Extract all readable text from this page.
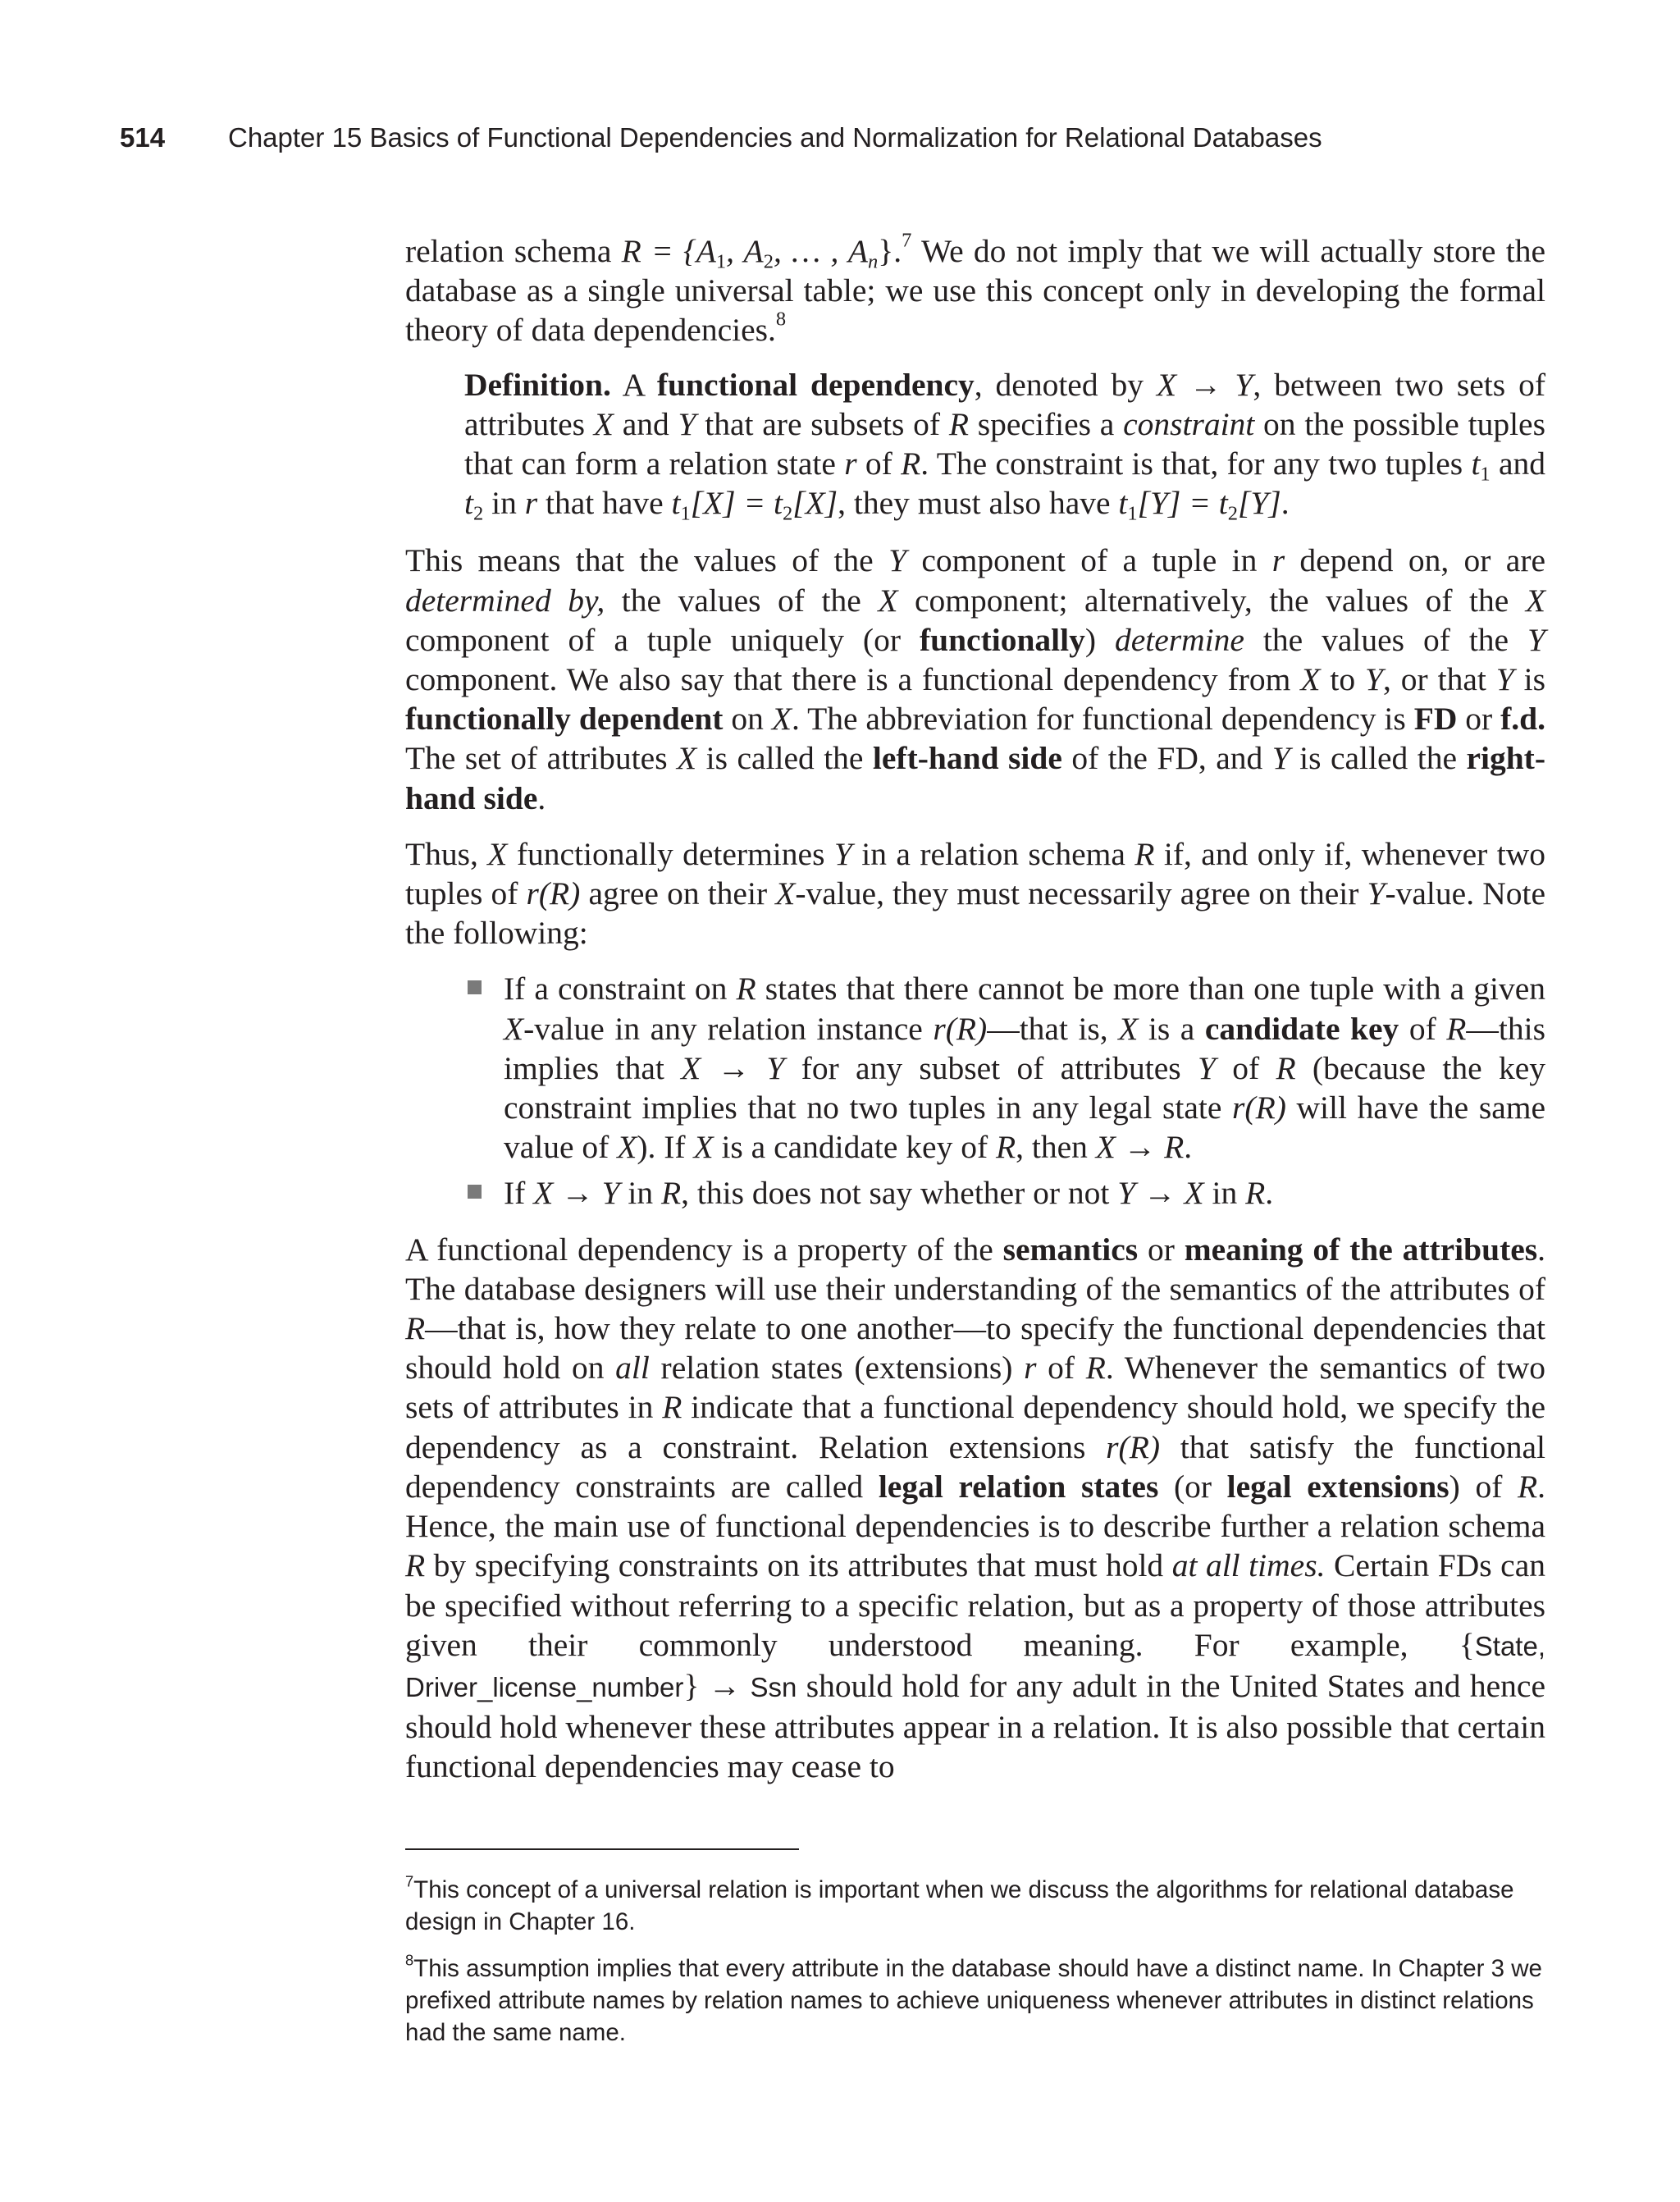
514 Chapter 15 Basics of Functional Dependencies and Normalization for Relational Databases

relation schema $R = \{A_1$, $A_2$, … , $A_n\}.^7$ We do not imply that we will actually store the database as a single universal table; we use this concept only in developing the formal theory of data dependencies.$^8$

Definition. A functional dependency, denoted by X → Y, between two sets of attributes X and Y that are subsets of R specifies a constraint on the possible tuples that can form a relation state r of R. The constraint is that, for any two tuples $t_1$ and $t_2$ in r that have $t_1[X] = t_2[X]$, they must also have $t_1[Y] = t_2[Y]$.

This means that the values of the Y component of a tuple in r depend on, or are determined by, the values of the X component; alternatively, the values of the X component of a tuple uniquely (or functionally) determine the values of the Y component. We also say that there is a functional dependency from X to Y, or that Y is functionally dependent on X. The abbreviation for functional dependency is FD or f.d. The set of attributes X is called the left-hand side of the FD, and Y is called the right-hand side.

Thus, X functionally determines Y in a relation schema R if, and only if, whenever two tuples of r(R) agree on their X-value, they must necessarily agree on their Y-value. Note the following:

If a constraint on R states that there cannot be more than one tuple with a given X-value in any relation instance r(R)—that is, X is a candidate key of R—this implies that X → Y for any subset of attributes Y of R (because the key constraint implies that no two tuples in any legal state r(R) will have the same value of X). If X is a candidate key of R, then X → R.
If X → Y in R, this does not say whether or not Y → X in R.

A functional dependency is a property of the semantics or meaning of the attributes. The database designers will use their understanding of the semantics of the attributes of R—that is, how they relate to one another—to specify the functional dependencies that should hold on all relation states (extensions) r of R. Whenever the semantics of two sets of attributes in R indicate that a functional dependency should hold, we specify the dependency as a constraint. Relation extensions r(R) that satisfy the functional dependency constraints are called legal relation states (or legal extensions) of R. Hence, the main use of functional dependencies is to describe further a relation schema R by specifying constraints on its attributes that must hold at all times. Certain FDs can be specified without referring to a specific relation, but as a property of those attributes given their commonly understood meaning. For example, {State, Driver_license_number} → Ssn should hold for any adult in the United States and hence should hold whenever these attributes appear in a relation. It is also possible that certain functional dependencies may cease to

$^7$This concept of a universal relation is important when we discuss the algorithms for relational database design in Chapter 16.

$^8$This assumption implies that every attribute in the database should have a distinct name. In Chapter 3 we prefixed attribute names by relation names to achieve uniqueness whenever attributes in distinct relations had the same name.
